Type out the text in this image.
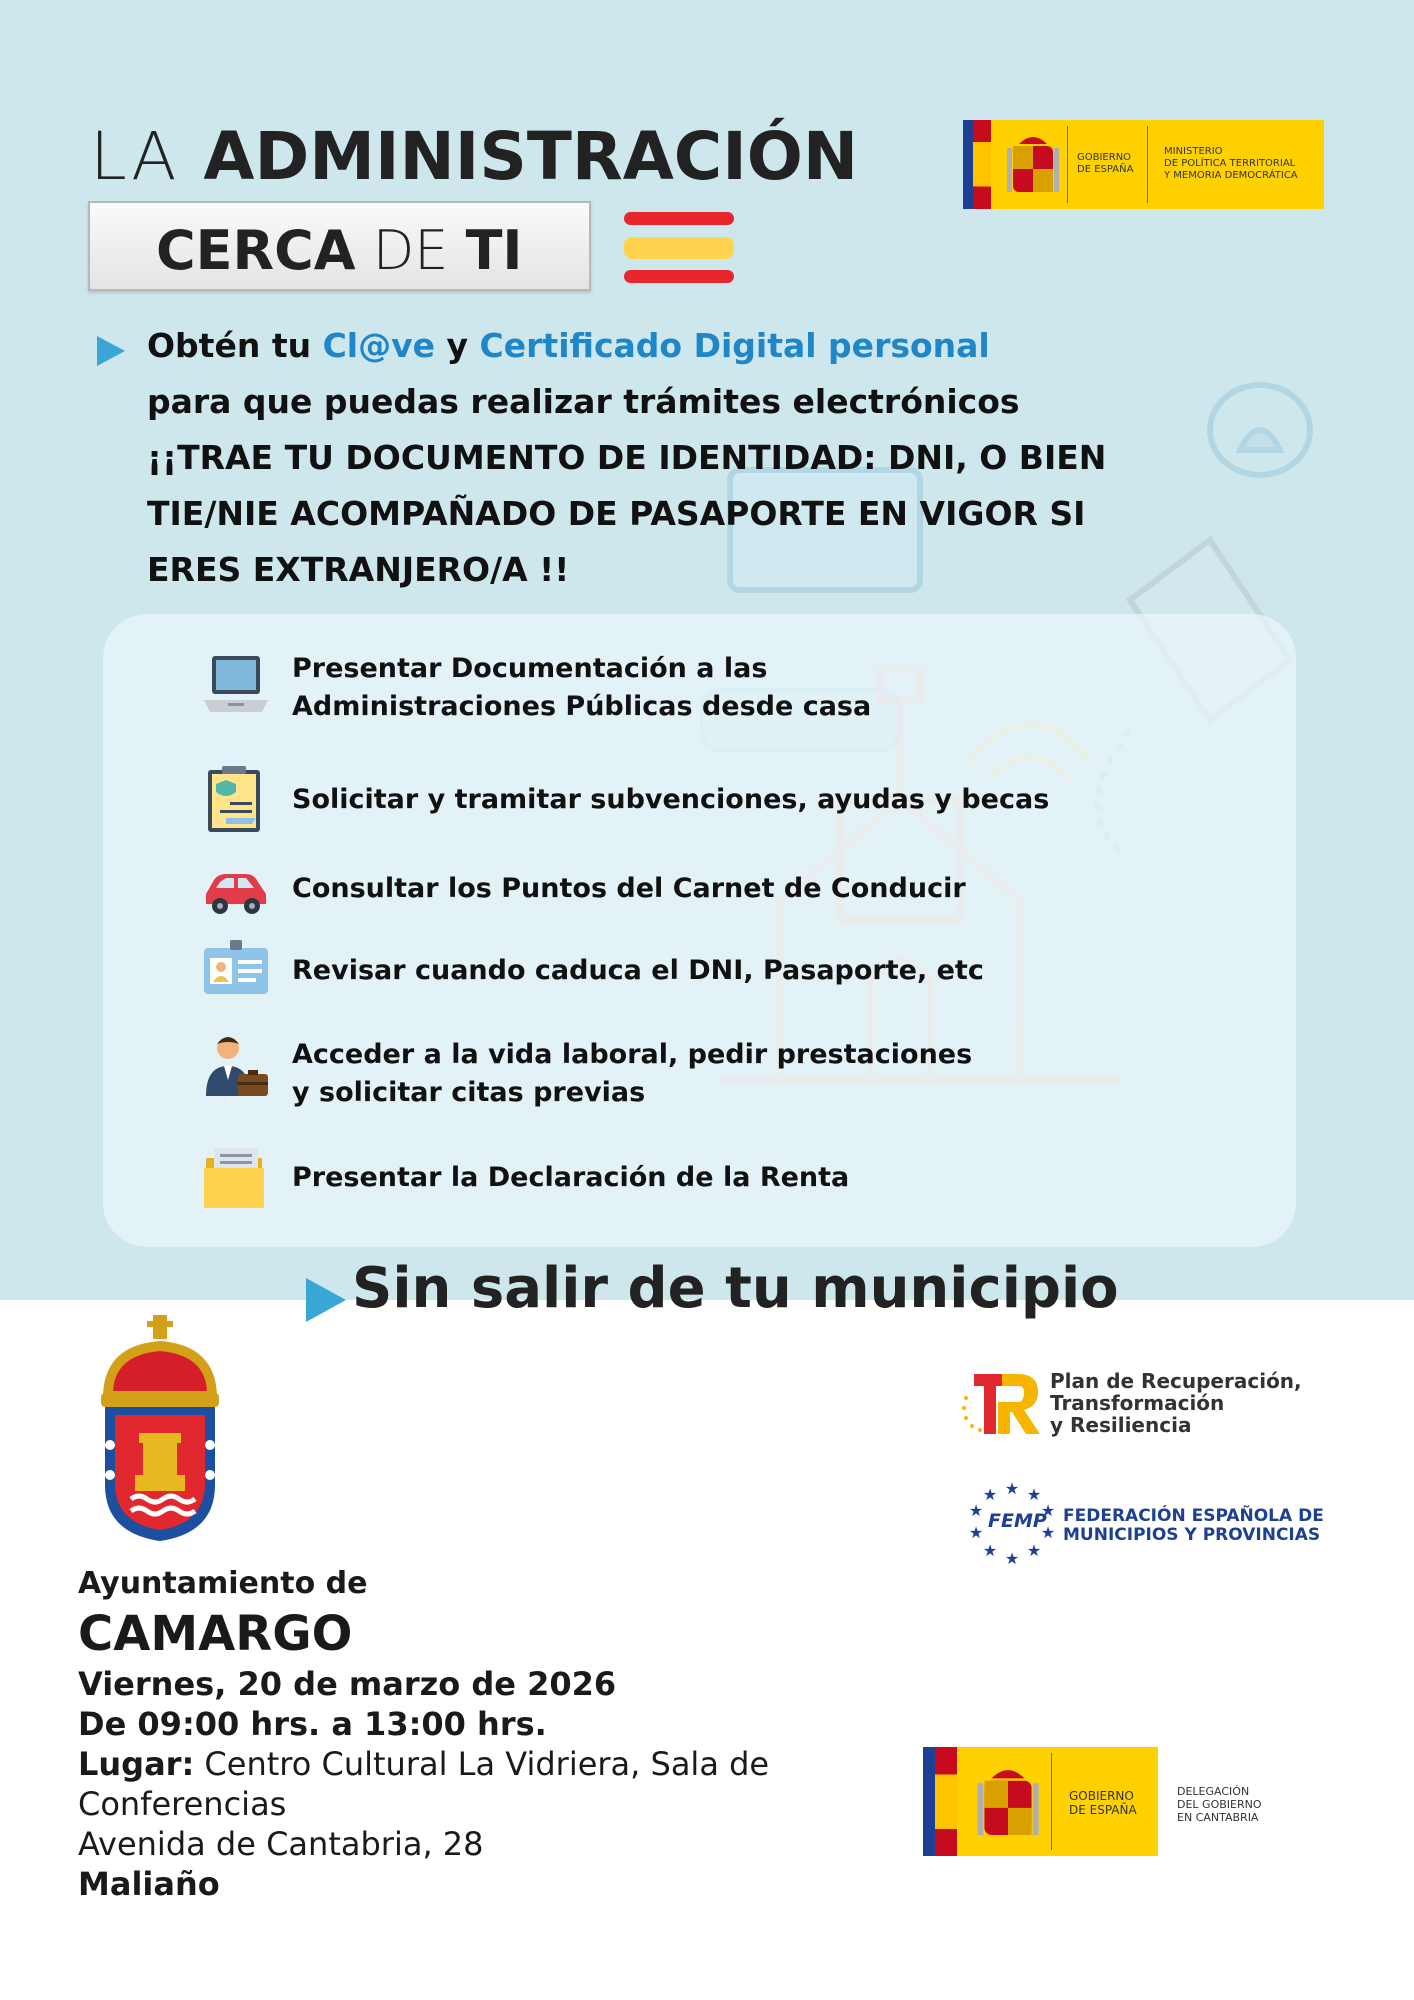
LA ADMINISTRACIÓN
CERCA DE TI
GOBIERNO
DE ESPAÑA
MINISTERIO
DE POLÍTICA TERRITORIAL
Y MEMORIA DEMOCRÁTICA
Obtén tu Cl@ve y Certificado Digital personal
para que puedas realizar trámites electrónicos
¡¡TRAE TU DOCUMENTO DE IDENTIDAD: DNI, O BIEN
TIE/NIE ACOMPAÑADO DE PASAPORTE EN VIGOR SI
ERES EXTRANJERO/A !!
Presentar Documentación a las
Administraciones Públicas desde casa
Solicitar y tramitar subvenciones, ayudas y becas
Consultar los Puntos del Carnet de Conducir
Revisar cuando caduca el DNI, Pasaporte, etc
Acceder a la vida laboral, pedir prestaciones
y solicitar citas previas
Presentar la Declaración de la Renta
Sin salir de tu municipio
Ayuntamiento de
CAMARGO
Viernes, 20 de marzo de 2026
De 09:00 hrs. a 13:00 hrs.
Lugar: Centro Cultural La Vidriera, Sala de
Conferencias
Avenida de Cantabria, 28
Maliaño
Plan de Recuperación,
Transformación
y Resiliencia
★ ★
★
★
★
★
★
★
★
★
FEMP FEDERACIÓN ESPAÑOLA DE
MUNICIPIOS Y PROVINCIAS
GOBIERNO
DE ESPAÑA
DELEGACIÓN
DEL GOBIERNO
EN CANTABRIA
